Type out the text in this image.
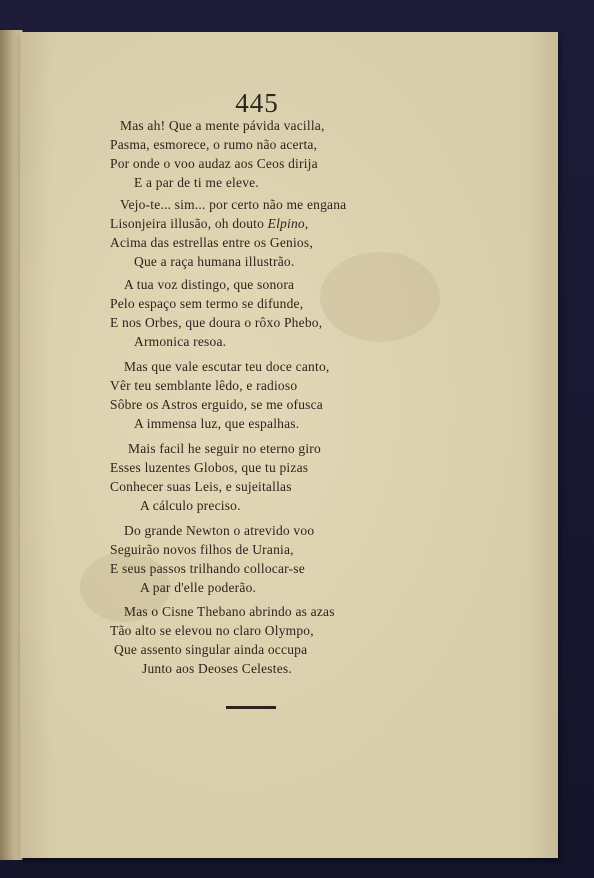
445
Mas ah! Que a mente pávida vacilla,
Pasma, esmorece, o rumo não acerta,
Por onde o voo audaz aos Ceos dirija
E a par de ti me eleve.
Vejo-te... sim... por certo não me engana
Lisonjeira illusão, oh douto Elpino,
Acima das estrellas entre os Genios,
Que a raça humana illustrão.
A tua voz distingo, que sonora
Pelo espaço sem termo se difunde,
E nos Orbes, que doura o rôxo Phebo,
Armonica resoa.
Mas que vale escutar teu doce canto,
Vêr teu semblante lêdo, e radioso
Sôbre os Astros erguido, se me ofusca
A immensa luz, que espalhas.
Mais facil he seguir no eterno giro
Esses luzentes Globos, que tu pizas
Conhecer suas Leis, e sujeitallas
A cálculo preciso.
Do grande Newton o atrevido voo
Seguirão novos filhos de Urania,
E seus passos trilhando collocar-se
A par d'elle poderão.
Mas o Cisne Thebano abrindo as azas
Tão alto se elevou no claro Olympo,
Que assento singular ainda occupa
Junto aos Deoses Celestes.
